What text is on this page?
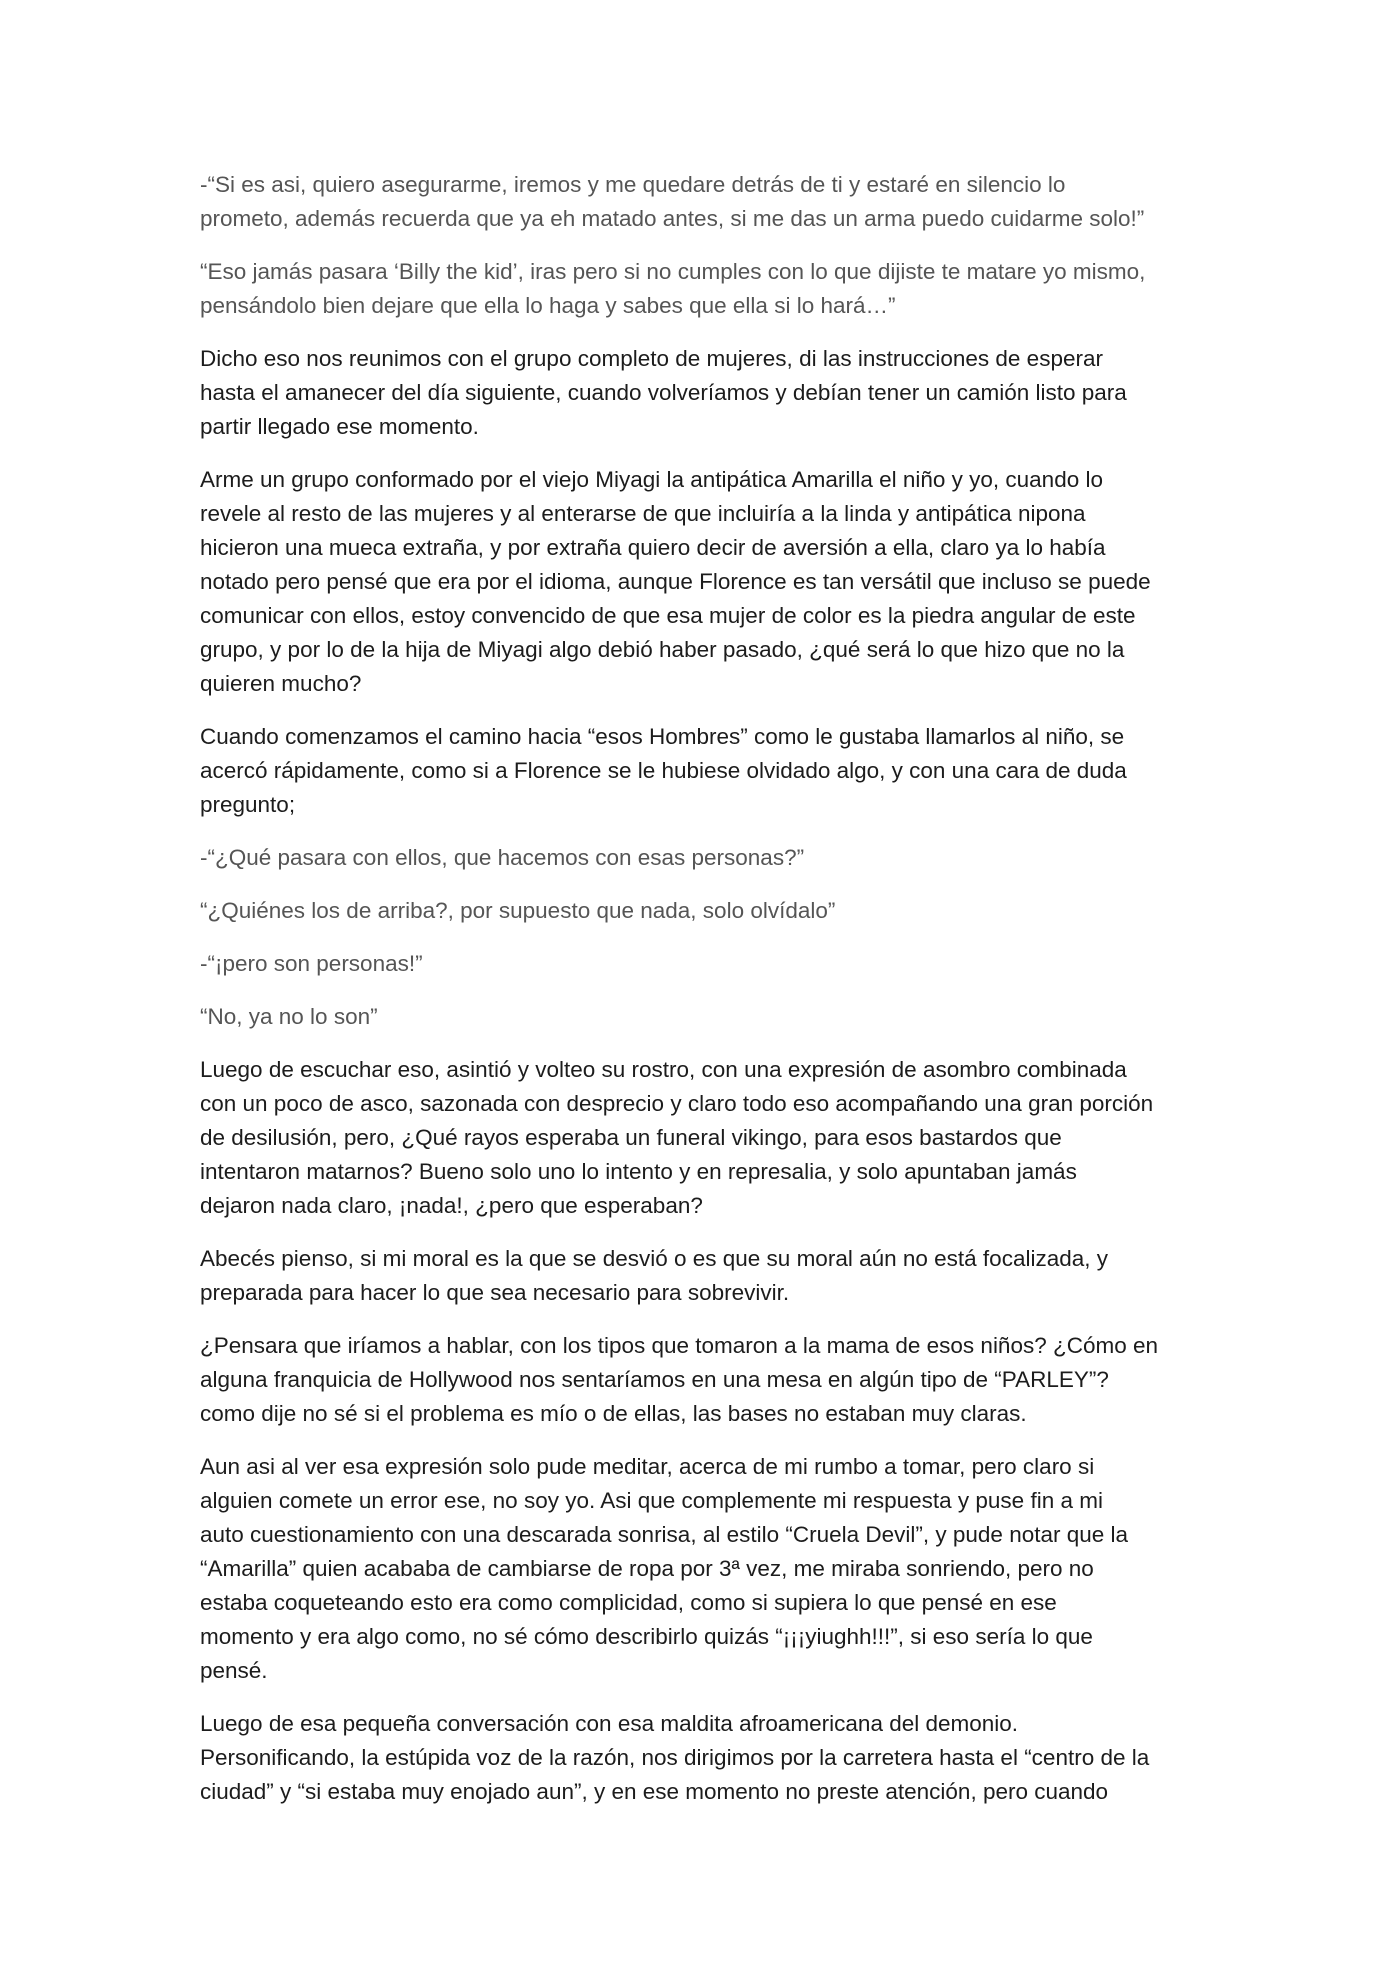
-“Si es asi, quiero asegurarme, iremos y me quedare detrás de ti y estaré en silencio lo
prometo, además recuerda que ya eh matado antes, si me das un arma puedo cuidarme solo!”

“Eso jamás pasara ‘Billy the kid’, iras pero si no cumples con lo que dijiste te matare yo mismo,
pensándolo bien dejare que ella lo haga y sabes que ella si lo hará…”

Dicho eso nos reunimos con el grupo completo de mujeres, di las instrucciones de esperar
hasta el amanecer del día siguiente, cuando volveríamos y debían tener un camión listo para
partir llegado ese momento.

Arme un grupo conformado por el viejo Miyagi la antipática Amarilla el niño y yo, cuando lo
revele al resto de las mujeres y al enterarse de que incluiría a la linda y antipática nipona
hicieron una mueca extraña, y por extraña quiero decir de aversión a ella, claro ya lo había
notado pero pensé que era por el idioma, aunque Florence es tan versátil que incluso se puede
comunicar con ellos, estoy convencido de que esa mujer de color es la piedra angular de este
grupo, y por lo de la hija de Miyagi algo debió haber pasado, ¿qué será lo que hizo que no la
quieren mucho?

Cuando comenzamos el camino hacia “esos Hombres” como le gustaba llamarlos al niño, se
acercó rápidamente, como si a Florence se le hubiese olvidado algo, y con una cara de duda
pregunto;

-“¿Qué pasara con ellos, que hacemos con esas personas?”

“¿Quiénes los de arriba?, por supuesto que nada, solo olvídalo”

-“¡pero son personas!”

“No, ya no lo son”

Luego de escuchar eso, asintió y volteo su rostro, con una expresión de asombro combinada
con un poco de asco, sazonada con desprecio y claro todo eso acompañando una gran porción
de desilusión, pero, ¿Qué rayos esperaba un funeral vikingo, para esos bastardos que
intentaron matarnos? Bueno solo uno lo intento y en represalia, y solo apuntaban jamás
dejaron nada claro, ¡nada!, ¿pero que esperaban?

Abecés pienso, si mi moral es la que se desvió o es que su moral aún no está focalizada, y
preparada para hacer lo que sea necesario para sobrevivir.

¿Pensara que iríamos a hablar, con los tipos que tomaron a la mama de esos niños? ¿Cómo en
alguna franquicia de Hollywood nos sentaríamos en una mesa en algún tipo de “PARLEY”?
como dije no sé si el problema es mío o de ellas, las bases no estaban muy claras.

Aun asi al ver esa expresión solo pude meditar, acerca de mi rumbo a tomar, pero claro si
alguien comete un error ese, no soy yo. Asi que complemente mi respuesta y puse fin a mi
auto cuestionamiento con una descarada sonrisa, al estilo “Cruela Devil”, y pude notar que la
“Amarilla” quien acababa de cambiarse de ropa por 3ª vez, me miraba sonriendo, pero no
estaba coqueteando esto era como complicidad, como si supiera lo que pensé en ese
momento y era algo como, no sé cómo describirlo quizás “¡¡¡yiughh!!!”, si eso sería lo que
pensé.

Luego de esa pequeña conversación con esa maldita afroamericana del demonio.
Personificando, la estúpida voz de la razón, nos dirigimos por la carretera hasta el “centro de la
ciudad” y “si estaba muy enojado aun”, y en ese momento no preste atención, pero cuando
